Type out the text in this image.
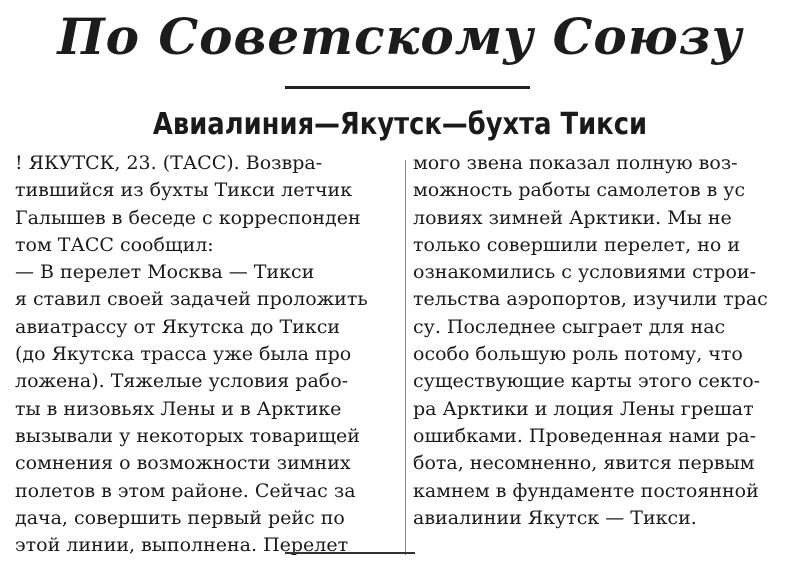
По Советскому Союзу
Авиалиния—Якутск—бухта Тикси
! ЯКУТСК, 23. (ТАСС). Возвра-
тившийся из бухты Тикси летчик
Галышев в беседе с корреспонден
том ТАСС сообщил:
— В перелет Москва — Тикси
я ставил своей задачей проложить
авиатрассу от Якутска до Тикси
(до Якутска трасса уже была про
ложена). Тяжелые условия рабо-
ты в низовьях Лены и в Арктике
вызывали у некоторых товарищей
сомнения о возможности зимних
полетов в этом районе. Сейчас за
дача, совершить первый рейс по
этой линии, выполнена. Перелет
мого звена показал полную воз-
можность работы самолетов в ус
ловиях зимней Арктики. Мы не
только совершили перелет, но и
ознакомились с условиями строи-
тельства аэропортов, изучили трас
су. Последнее сыграет для нас
особо большую роль потому, что
существующие карты этого секто-
ра Арктики и лоция Лены грешат
ошибками. Проведенная нами ра-
бота, несомненно, явится первым
камнем в фундаменте постоянной
авиалинии Якутск — Тикси.
